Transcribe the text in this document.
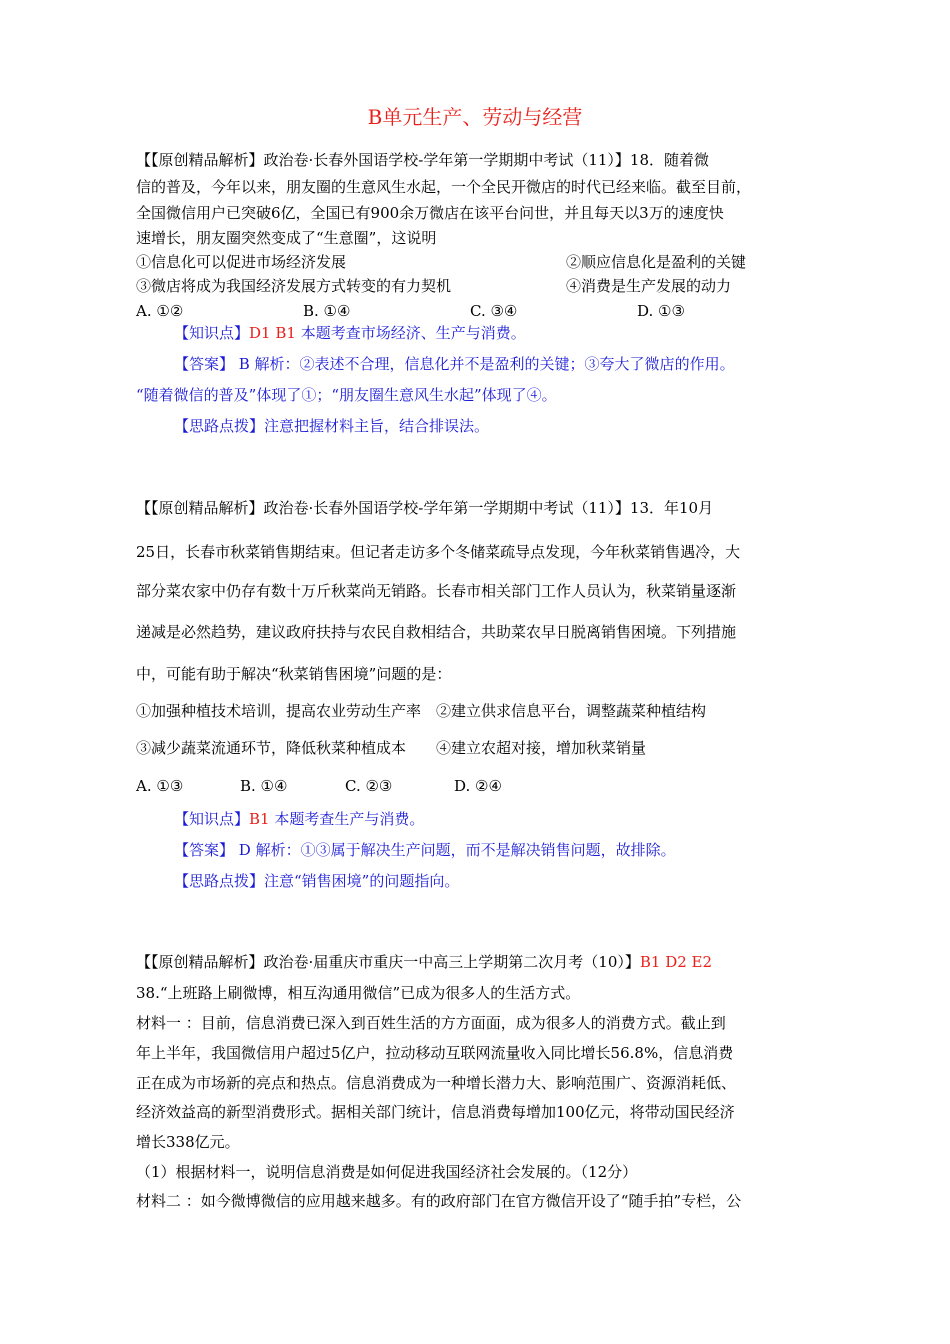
B单元生产、劳动与经营
【【原创精品解析】政治卷·长春外国语学校-学年第一学期期中考试（11）】18．随着微
信的普及，今年以来，朋友圈的生意风生水起，一个全民开微店的时代已经来临。截至目前，
全国微信用户已突破6亿，全国已有900余万微店在该平台问世，并且每天以3万的速度快
速增长，朋友圈突然变成了“生意圈”，这说明
①信息化可以促进市场经济发展	②顺应信息化是盈利的关键
③微店将成为我国经济发展方式转变的有力契机	④消费是生产发展的动力
A. ①②	B. ①④	C. ③④	D. ①③
【知识点】D1 B1 本题考查市场经济、生产与消费。
【答案】 B 解析：②表述不合理，信息化并不是盈利的关键；③夸大了微店的作用。
“随着微信的普及”体现了①；“朋友圈生意风生水起”体现了④。
【思路点拨】注意把握材料主旨，结合排误法。
【【原创精品解析】政治卷·长春外国语学校-学年第一学期期中考试（11）】13．年10月
25日，长春市秋菜销售期结束。但记者走访多个冬储菜疏导点发现，今年秋菜销售遇冷，大
部分菜农家中仍存有数十万斤秋菜尚无销路。长春市相关部门工作人员认为，秋菜销量逐渐
递减是必然趋势，建议政府扶持与农民自救相结合，共助菜农早日脱离销售困境。下列措施
中，可能有助于解决“秋菜销售困境”问题的是：
①加强种植技术培训，提高农业劳动生产率　②建立供求信息平台，调整蔬菜种植结构
③减少蔬菜流通环节，降低秋菜种植成本　　④建立农超对接，增加秋菜销量
A. ①③	B. ①④	C. ②③	D. ②④
【知识点】B1 本题考查生产与消费。
【答案】 D 解析：①③属于解决生产问题，而不是解决销售问题，故排除。
【思路点拨】注意“销售困境”的问题指向。
【【原创精品解析】政治卷·届重庆市重庆一中高三上学期第二次月考（10）】B1 D2 E2
38.“上班路上刷微博，相互沟通用微信”已成为很多人的生活方式。
材料一 ：目前，信息消费已深入到百姓生活的方方面面，成为很多人的消费方式。截止到
年上半年，我国微信用户超过5亿户，拉动移动互联网流量收入同比增长56.8%，信息消费
正在成为市场新的亮点和热点。信息消费成为一种增长潜力大、影响范围广、资源消耗低、
经济效益高的新型消费形式。据相关部门统计，信息消费每增加100亿元，将带动国民经济
增长338亿元。
（1）根据材料一，说明信息消费是如何促进我国经济社会发展的。（12分）
材料二 ：如今微博微信的应用越来越多。有的政府部门在官方微信开设了“随手拍”专栏，公
